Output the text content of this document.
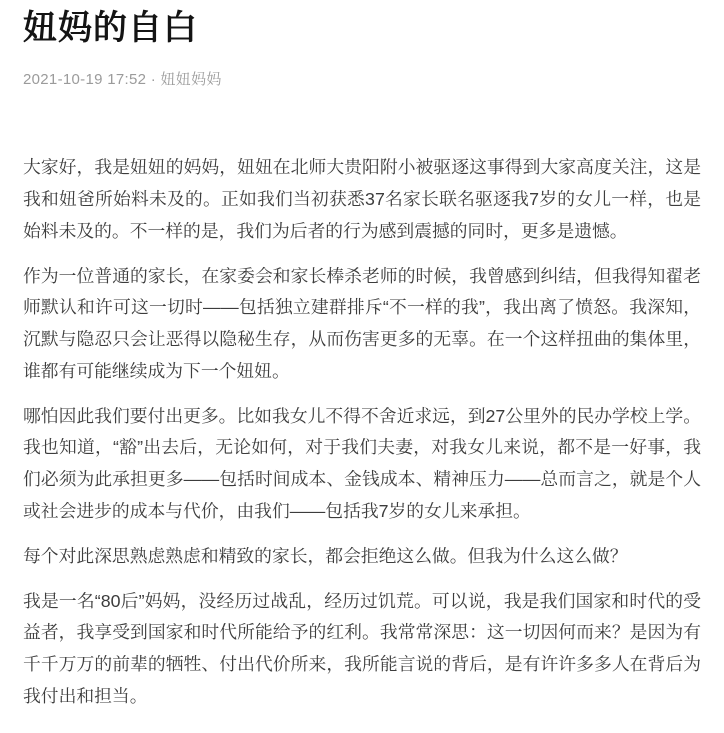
妞妈的自白
2021-10-19 17:52 · 妞妞妈妈

大家好，我是妞妞的妈妈，妞妞在北师大贵阳附小被驱逐这事得到大家高度关注，这是我和妞爸所始料未及的。正如我们当初获悉37名家长联名驱逐我7岁的女儿一样，也是始料未及的。不一样的是，我们为后者的行为感到震撼的同时，更多是遗憾。

作为一位普通的家长，在家委会和家长棒杀老师的时候，我曾感到纠结，但我得知翟老师默认和许可这一切时——包括独立建群排斥“不一样的我”，我出离了愤怒。我深知，沉默与隐忍只会让恶得以隐秘生存，从而伤害更多的无辜。在一个这样扭曲的集体里，谁都有可能继续成为下一个妞妞。

哪怕因此我们要付出更多。比如我女儿不得不舍近求远，到27公里外的民办学校上学。我也知道，“豁”出去后，无论如何，对于我们夫妻，对我女儿来说，都不是一好事，我们必须为此承担更多——包括时间成本、金钱成本、精神压力——总而言之，就是个人或社会进步的成本与代价，由我们——包括我7岁的女儿来承担。

每个对此深思熟虑熟虑和精致的家长，都会拒绝这么做。但我为什么这么做？

我是一名“80后”妈妈，没经历过战乱，经历过饥荒。可以说，我是我们国家和时代的受益者，我享受到国家和时代所能给予的红利。我常常深思：这一切因何而来？是因为有千千万万的前辈的牺牲、付出代价所来，我所能言说的背后，是有许许多多人在背后为我付出和担当。
